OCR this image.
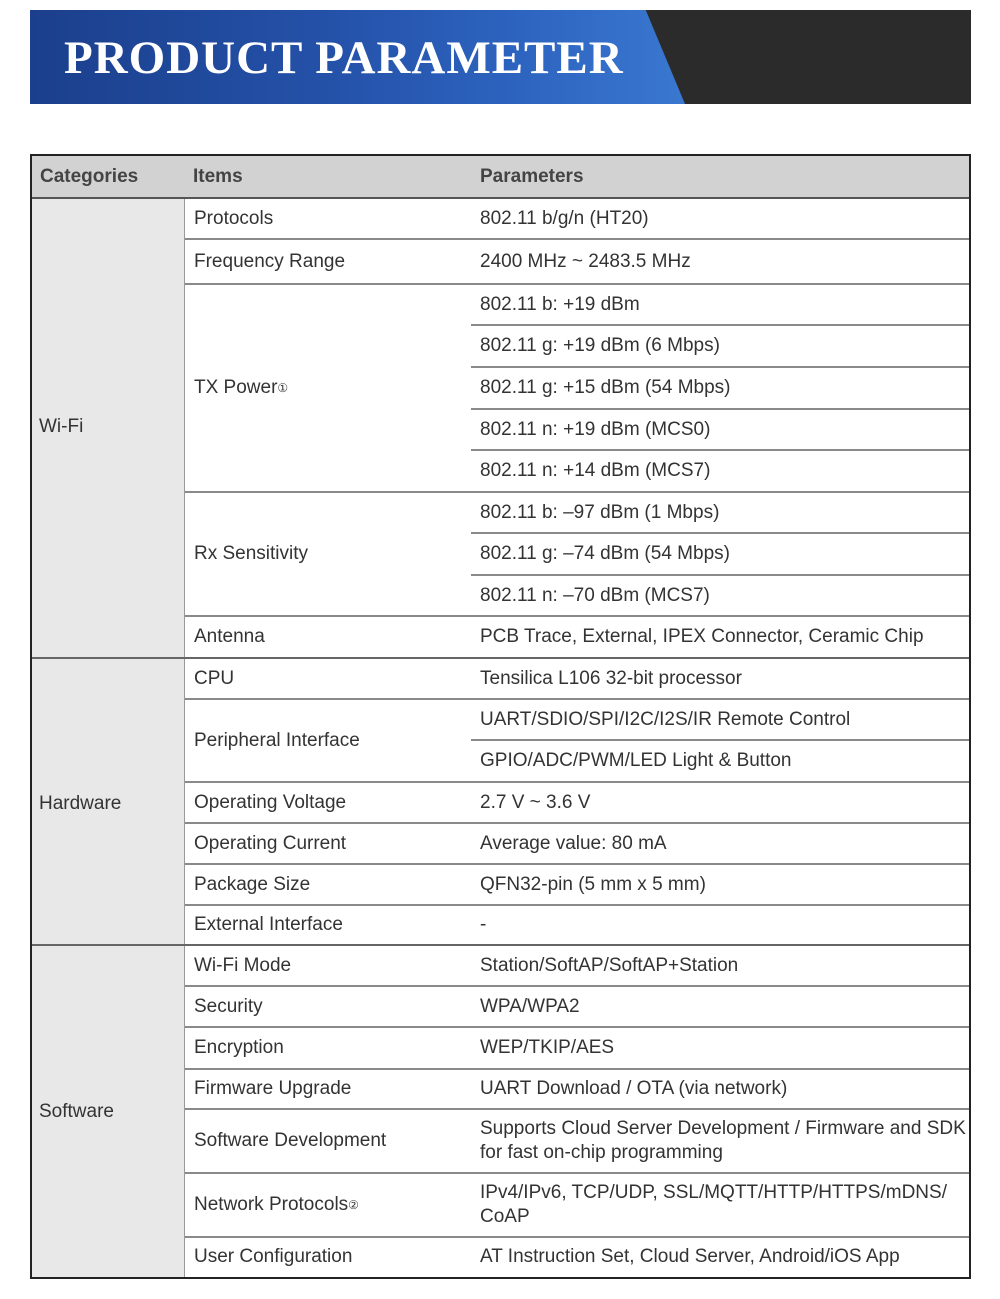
PRODUCT PARAMETER
Categories	Items	Parameters
Wi-Fi
Hardware
Software
Protocols
Frequency Range
TX Power ①
Rx Sensitivity
Antenna
CPU
Peripheral Interface
Operating Voltage
Operating Current
Package Size
External Interface
Wi-Fi Mode
Security
Encryption
Firmware Upgrade
Software Development
Network Protocols ②
User Configuration
802.11 b/g/n (HT20)
2400 MHz ~ 2483.5 MHz
802.11 b: +19 dBm
802.11 g: +19 dBm (6 Mbps)
802.11 g: +15 dBm (54 Mbps)
802.11 n: +19 dBm (MCS0)
802.11 n: +14 dBm (MCS7)
802.11 b: –97 dBm (1 Mbps)
802.11 g: –74 dBm (54 Mbps)
802.11 n: –70 dBm (MCS7)
PCB Trace, External, IPEX Connector, Ceramic Chip
Tensilica L106 32-bit processor
UART/SDIO/SPI/I2C/I2S/IR Remote Control
GPIO/ADC/PWM/LED Light & Button
2.7 V ~ 3.6 V
Average value: 80 mA
QFN32-pin (5 mm x 5 mm)
-
Station/SoftAP/SoftAP+Station
WPA/WPA2
WEP/TKIP/AES
UART Download / OTA (via network)
Supports Cloud Server Development / Firmware and SDK for fast on-chip programming
IPv4/IPv6, TCP/UDP, SSL/MQTT/HTTP/HTTPS/mDNS/ CoAP
AT Instruction Set, Cloud Server, Android/iOS App
